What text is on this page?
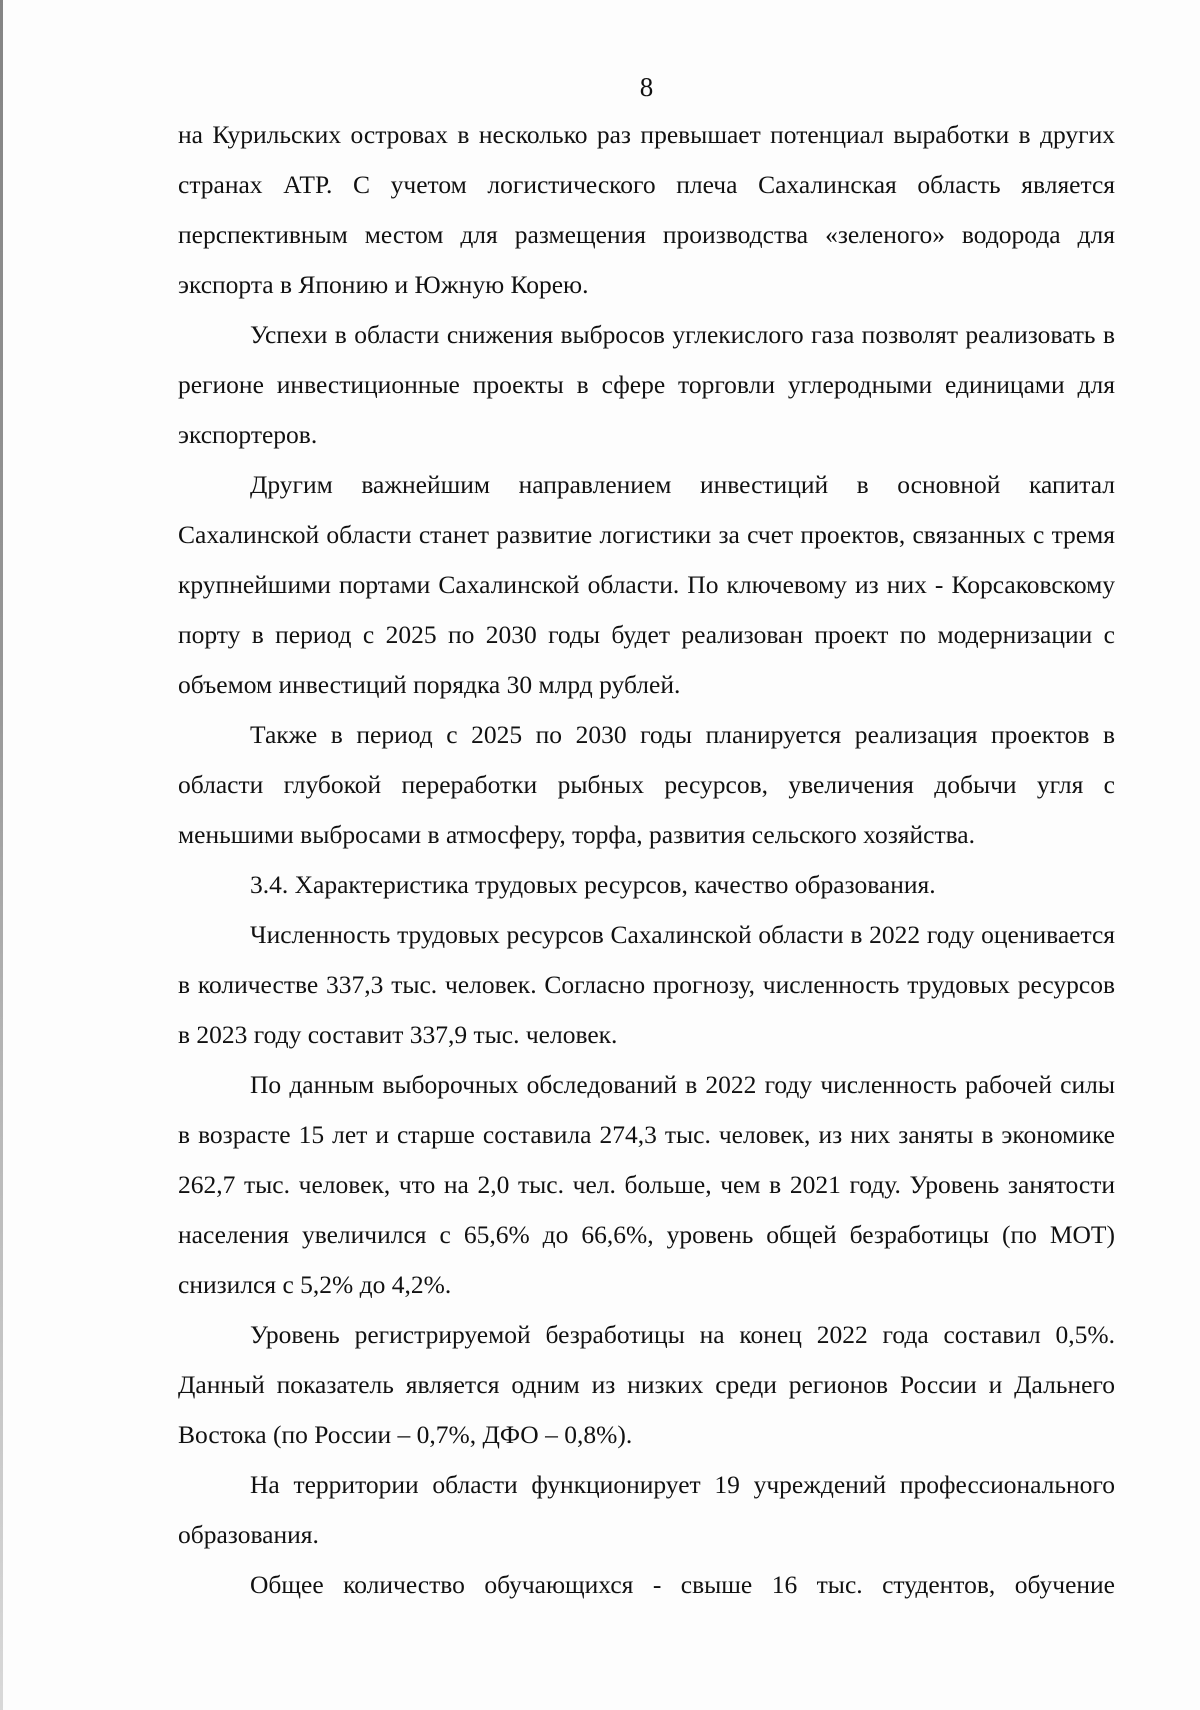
8

на Курильских островах в несколько раз превышает потенциал выработки в других странах АТР. С учетом логистического плеча Сахалинская область является перспективным местом для размещения производства «зеленого» водорода для экспорта в Японию и Южную Корею.

Успехи в области снижения выбросов углекислого газа позволят реализовать в регионе инвестиционные проекты в сфере торговли углеродными единицами для экспортеров.

Другим важнейшим направлением инвестиций в основной капитал Сахалинской области станет развитие логистики за счет проектов, связанных с тремя крупнейшими портами Сахалинской области. По ключевому из них - Корсаковскому порту в период с 2025 по 2030 годы будет реализован проект по модернизации с объемом инвестиций порядка 30 млрд рублей.

Также в период с 2025 по 2030 годы планируется реализация проектов в области глубокой переработки рыбных ресурсов, увеличения добычи угля с меньшими выбросами в атмосферу, торфа, развития сельского хозяйства.

3.4. Характеристика трудовых ресурсов, качество образования.

Численность трудовых ресурсов Сахалинской области в 2022 году оценивается в количестве 337,3 тыс. человек. Согласно прогнозу, численность трудовых ресурсов в 2023 году составит 337,9 тыс. человек.

По данным выборочных обследований в 2022 году численность рабочей силы в возрасте 15 лет и старше составила 274,3 тыс. человек, из них заняты в экономике 262,7 тыс. человек, что на 2,0 тыс. чел. больше, чем в 2021 году. Уровень занятости населения увеличился с 65,6% до 66,6%, уровень общей безработицы (по МОТ) снизился с 5,2% до 4,2%.

Уровень регистрируемой безработицы на конец 2022 года составил 0,5%. Данный показатель является одним из низких среди регионов России и Дальнего Востока (по России – 0,7%, ДФО – 0,8%).

На территории области функционирует 19 учреждений профессионального образования.

Общее количество обучающихся - свыше 16 тыс. студентов, обучение
